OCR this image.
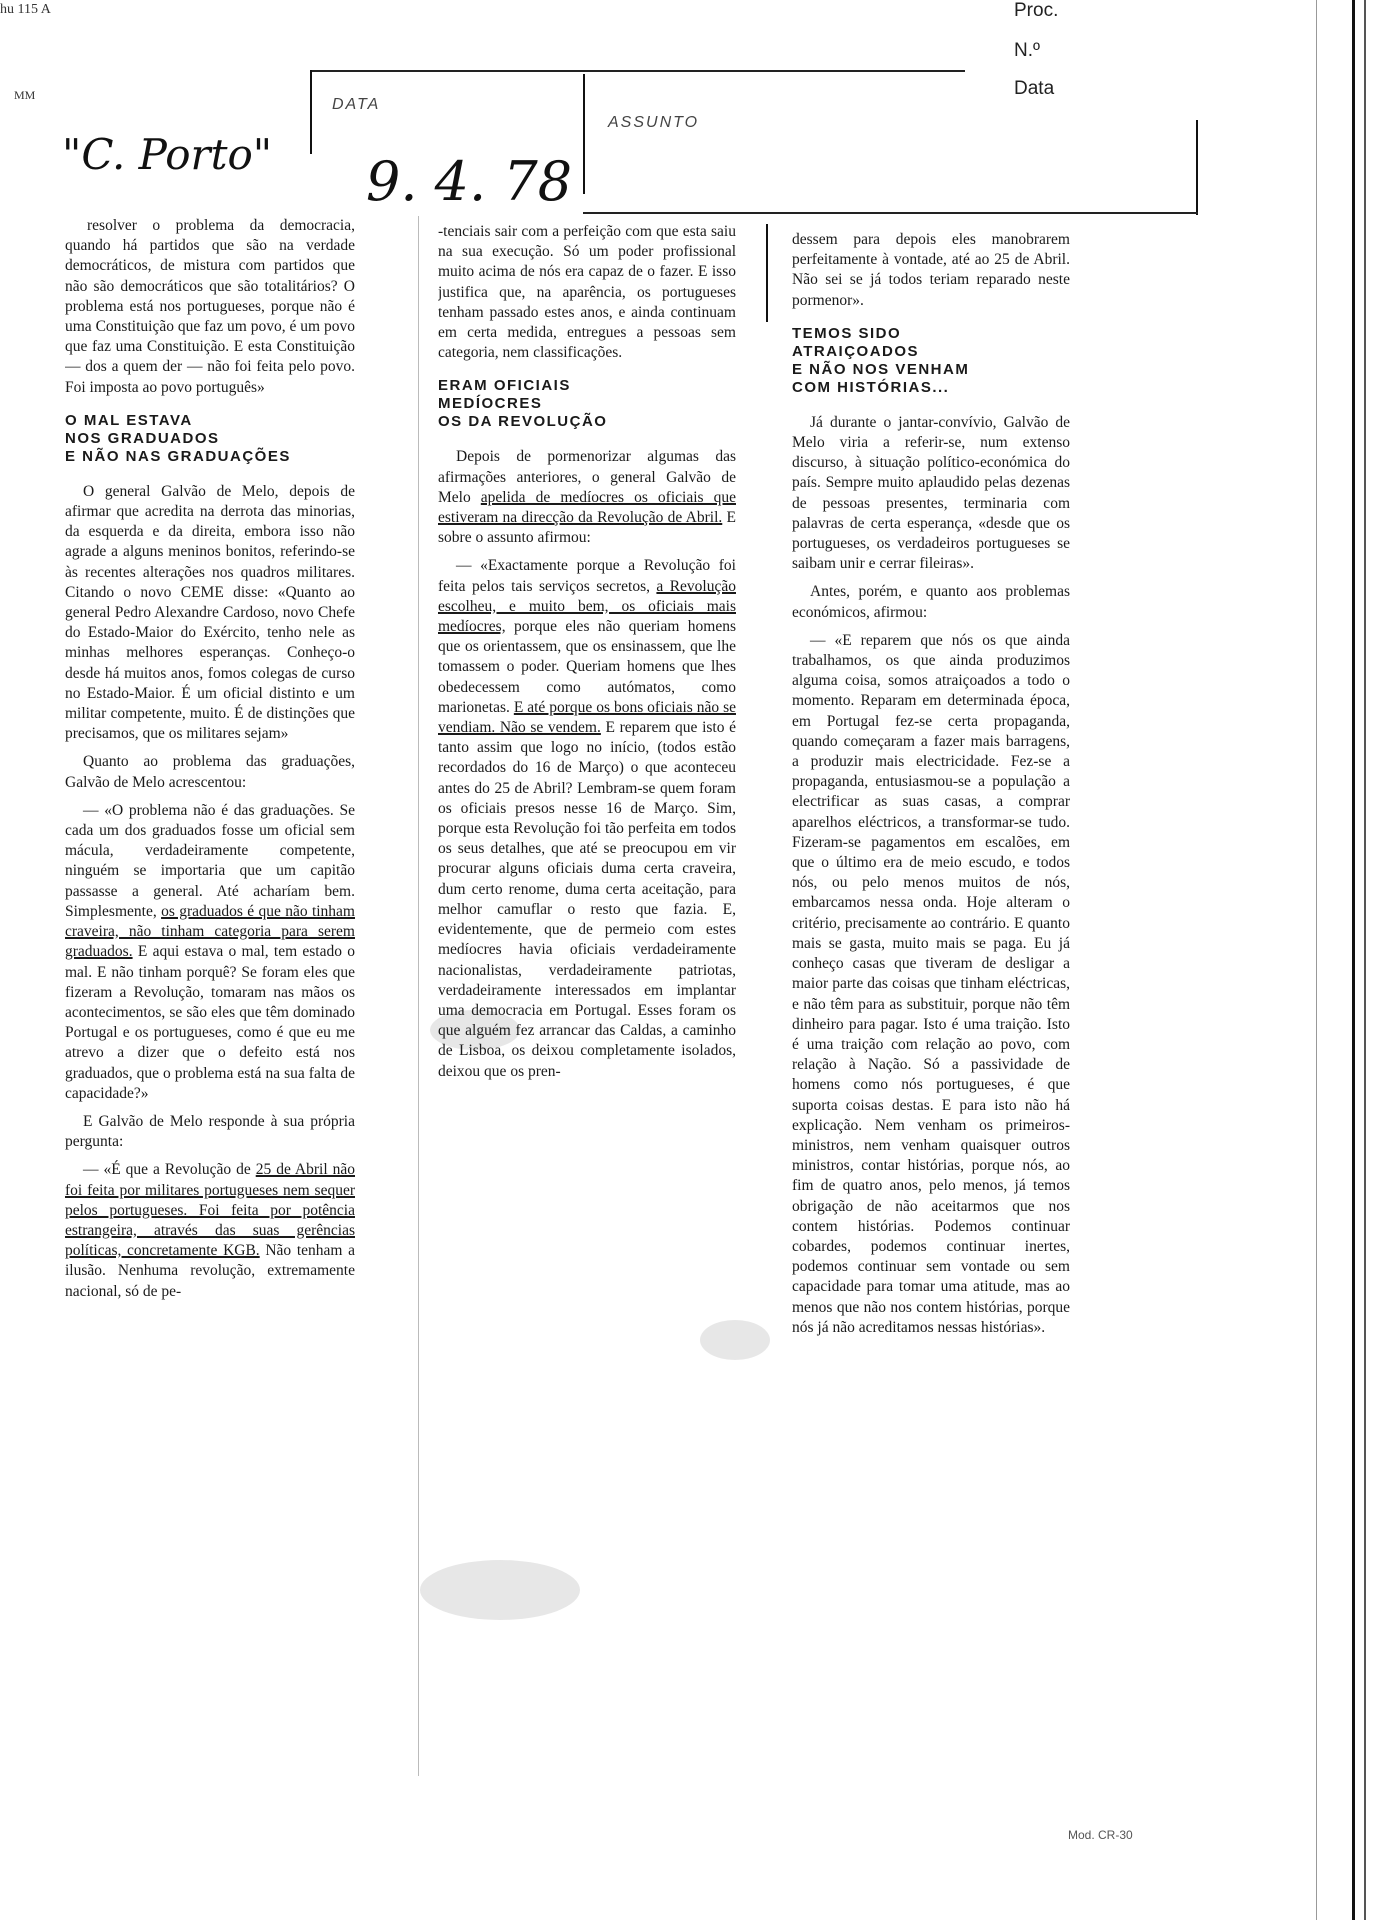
hu 115 A
MM
Proc.
N.º
Data
DATA
ASSUNTO
"C. Porto" 9. 4. 78

resolver o problema da democracia, quando há partidos que são na verdade democráticos, de mistura com partidos que não são democráticos que são totalitários? O problema está nos portugueses, porque não é uma Constituição que faz um povo, é um povo que faz uma Constituição. E esta Constituição — dos a quem der — não foi feita pelo povo. Foi imposta ao povo português»

O MAL ESTAVA
NOS GRADUADOS
E NÃO NAS GRADUAÇÕES

O general Galvão de Melo, depois de afirmar que acredita na derrota das minorias, da esquerda e da direita, embora isso não agrade a alguns meninos bonitos, referindo-se às recentes alterações nos quadros militares. Citando o novo CEME disse: «Quanto ao general Pedro Alexandre Cardoso, novo Chefe do Estado-Maior do Exército, tenho nele as minhas melhores esperanças. Conheço-o desde há muitos anos, fomos colegas de curso no Estado-Maior. É um oficial distinto e um militar competente, muito. É de distinções que precisamos, que os militares sejam»

Quanto ao problema das graduações, Galvão de Melo acrescentou:

— «O problema não é das graduações. Se cada um dos graduados fosse um oficial sem mácula, verdadeiramente competente, ninguém se importaria que um capitão passasse a general. Até acharíam bem. Simplesmente, os graduados é que não tinham craveira, não tinham categoria para serem graduados. E aqui estava o mal, tem estado o mal. E não tinham porquê? Se foram eles que fizeram a Revolução, tomaram nas mãos os acontecimentos, se são eles que têm dominado Portugal e os portugueses, como é que eu me atrevo a dizer que o defeito está nos graduados, que o problema está na sua falta de capacidade?»

E Galvão de Melo responde à sua própria pergunta:

— «É que a Revolução de 25 de Abril não foi feita por militares portugueses nem sequer pelos portugueses. Foi feita por potência estrangeira, através das suas gerências políticas, concretamente KGB. Não tenham a ilusão. Nenhuma revolução, extremamente nacional, só de pe-

-tenciais sair com a perfeição com que esta saiu na sua execução. Só um poder profissional muito acima de nós era capaz de o fazer. E isso justifica que, na aparência, os portugueses tenham passado estes anos, e ainda continuam em certa medida, entregues a pessoas sem categoria, nem classificações.

ERAM OFICIAIS
MEDÍOCRES
OS DA REVOLUÇÃO

Depois de pormenorizar algumas das afirmações anteriores, o general Galvão de Melo apelida de medíocres os oficiais que estiveram na direcção da Revolução de Abril. E sobre o assunto afirmou:

— «Exactamente porque a Revolução foi feita pelos tais serviços secretos, a Revolução escolheu, e muito bem, os oficiais mais medíocres, porque eles não queriam homens que os orientassem, que os ensinassem, que lhe tomassem o poder. Queriam homens que lhes obedecessem como autómatos, como marionetas. E até porque os bons oficiais não se vendiam. Não se vendem. E reparem que isto é tanto assim que logo no início, (todos estão recordados do 16 de Março) o que aconteceu antes do 25 de Abril? Lembram-se quem foram os oficiais presos nesse 16 de Março. Sim, porque esta Revolução foi tão perfeita em todos os seus detalhes, que até se preocupou em vir procurar alguns oficiais duma certa craveira, dum certo renome, duma certa aceitação, para melhor camuflar o resto que fazia. E, evidentemente, que de permeio com estes medíocres havia oficiais verdadeiramente nacionalistas, verdadeiramente patriotas, verdadeiramente interessados em implantar uma democracia em Portugal. Esses foram os que alguém fez arrancar das Caldas, a caminho de Lisboa, os deixou completamente isolados, deixou que os pren-

dessem para depois eles manobrarem perfeitamente à vontade, até ao 25 de Abril. Não sei se já todos teriam reparado neste pormenor».

TEMOS SIDO
ATRAIÇOADOS
E NÃO NOS VENHAM
COM HISTÓRIAS...

Já durante o jantar-convívio, Galvão de Melo viria a referir-se, num extenso discurso, à situação político-económica do país. Sempre muito aplaudido pelas dezenas de pessoas presentes, terminaria com palavras de certa esperança, «desde que os portugueses, os verdadeiros portugueses se saibam unir e cerrar fileiras».

Antes, porém, e quanto aos problemas económicos, afirmou:

— «E reparem que nós os que ainda trabalhamos, os que ainda produzimos alguma coisa, somos atraiçoados a todo o momento. Reparam em determinada época, em Portugal fez-se certa propaganda, quando começaram a fazer mais barragens, a produzir mais electricidade. Fez-se a propaganda, entusiasmou-se a população a electrificar as suas casas, a comprar aparelhos eléctricos, a transformar-se tudo. Fizeram-se pagamentos em escalões, em que o último era de meio escudo, e todos nós, ou pelo menos muitos de nós, embarcamos nessa onda. Hoje alteram o critério, precisamente ao contrário. E quanto mais se gasta, muito mais se paga. Eu já conheço casas que tiveram de desligar a maior parte das coisas que tinham eléctricas, e não têm para as substituir, porque não têm dinheiro para pagar. Isto é uma traição. Isto é uma traição com relação ao povo, com relação à Nação. Só a passividade de homens como nós portugueses, é que suporta coisas destas. E para isto não há explicação. Nem venham os primeiros-ministros, nem venham quaisquer outros ministros, contar histórias, porque nós, ao fim de quatro anos, pelo menos, já temos obrigação de não aceitarmos que nos contem histórias. Podemos continuar cobardes, podemos continuar inertes, podemos continuar sem vontade ou sem capacidade para tomar uma atitude, mas ao menos que não nos contem histórias, porque nós já não acreditamos nessas histórias».

Mod. CR-30
